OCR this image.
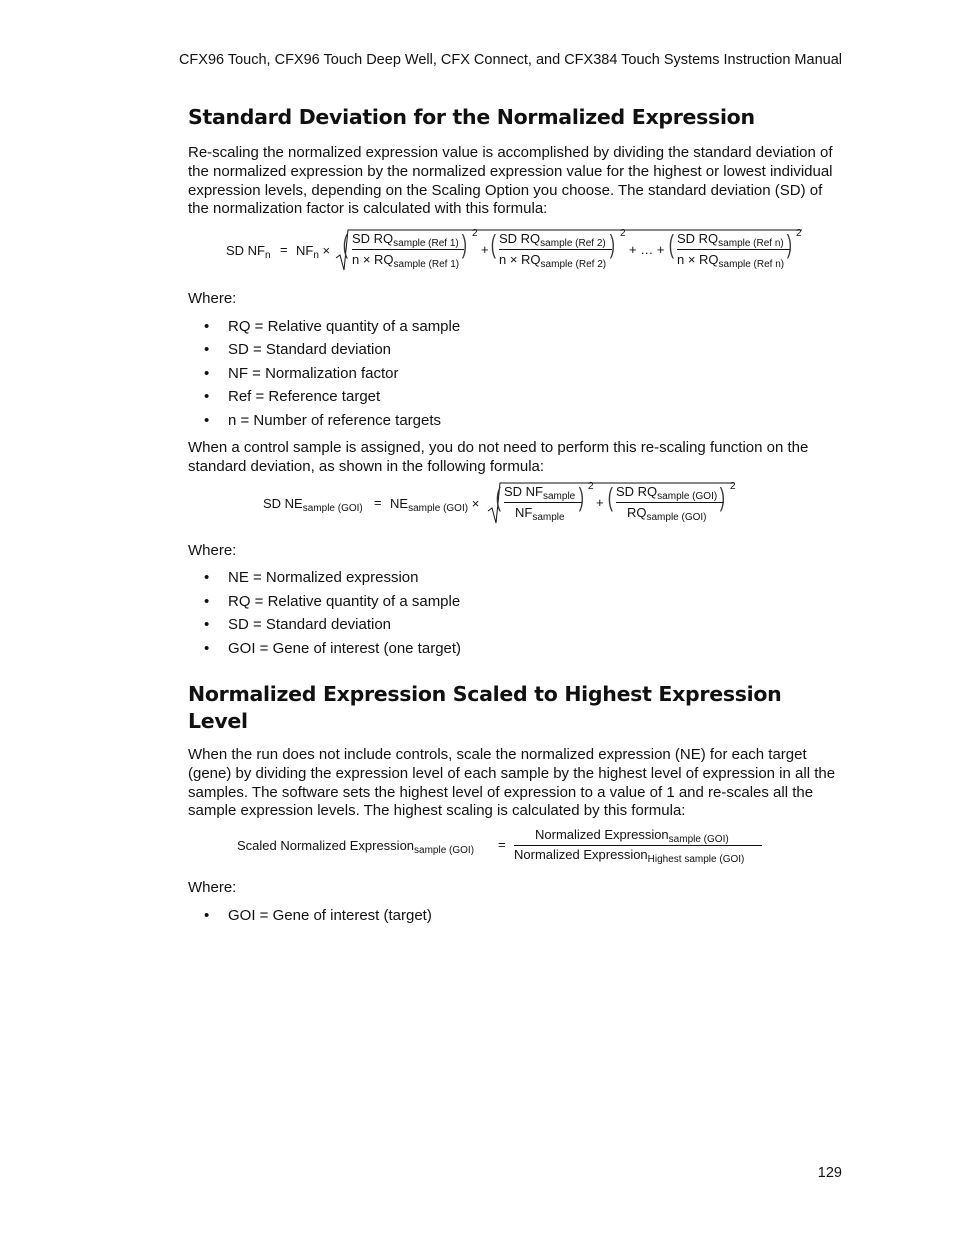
CFX96 Touch, CFX96 Touch Deep Well, CFX Connect, and CFX384 Touch Systems Instruction Manual
Standard Deviation for the Normalized Expression

Re-scaling the normalized expression value is accomplished by dividing the standard deviation of the normalized expression by the normalized expression value for the highest or lowest individual expression levels, depending on the Scaling Option you choose. The standard deviation (SD) of the normalization factor is calculated with this formula:

SD $NF_n = NF_n$ × ( SD $RQ_{sample (Ref 1)}$
$n \times RQ_{sample (Ref 1)}$
) 2
+ ( SD $RQ_{sample (Ref 2)}$
$n \times RQ_{sample (Ref 2)}$
) 2
+ … + ( SD $RQ_{sample (Ref n)}$
$n \times RQ_{sample (Ref n)}$
) 2

Where:

• RQ = Relative quantity of a sample
• SD = Standard deviation
• NF = Normalization factor
• Ref = Reference target
• n = Number of reference targets

When a control sample is assigned, you do not need to perform this re-scaling function on the standard deviation, as shown in the following formula:

SD $NE_{sample (GOI)} = NE_{sample (GOI)}$ × ( SD $NF_{sample}$
$NF_{sample}$
) 2
+ ( SD $RQ_{sample (GOI)}$
$RQ_{sample (GOI)}$
) 2

Where:

• NE = Normalized expression
• RQ = Relative quantity of a sample
• SD = Standard deviation
• GOI = Gene of interest (one target)
Normalized Expression Scaled to Highest Expression Level

When the run does not include controls, scale the normalized expression (NE) for each target (gene) by dividing the expression level of each sample by the highest level of expression in all the samples. The software sets the highest level of expression to a value of 1 and re-scales all the sample expression levels. The highest scaling is calculated by this formula:

Scaled Normalized Expression$_{sample (GOI)}$ =
Normalized Expression$_{sample (GOI)}$
Normalized Expression$_{Highest sample (GOI)}$

Where:

• GOI = Gene of interest (target)
129
